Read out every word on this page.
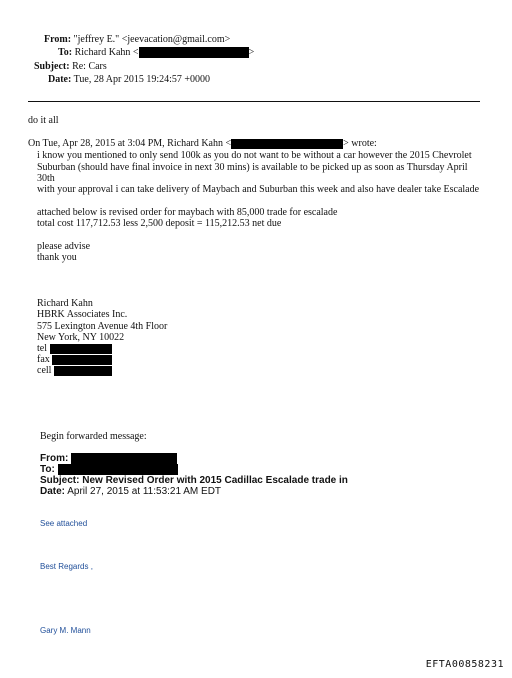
From: "jeffrey E." <jeevacation@gmail.com>
To: Richard Kahn <	>
Subject: Re: Cars
Date: Tue, 28 Apr 2015 19:24:57 +0000
do it all
On Tue, Apr 28, 2015 at 3:04 PM, Richard Kahn <	> wrote:
i know you mentioned to only send 100k as you do not want to be without a car however the 2015 Chevrolet Suburban (should have final invoice in next 30 mins) is available to be picked up as soon as Thursday April 30th
with your approval i can take delivery of Maybach and Suburban this week and also have dealer take Escalade
attached below is revised order for maybach with 85,000 trade for escalade
total cost 117,712.53 less 2,500 deposit = 115,212.53 net due
please advise
thank you
Richard Kahn
HBRK Associates Inc.
575 Lexington Avenue 4th Floor
New York, NY 10022
tel
fax
cell
Begin forwarded message:
From:
To:
Subject: New Revised Order with 2015 Cadillac Escalade trade in
Date: April 27, 2015 at 11:53:21 AM EDT
See attached
Best Regards ,
Gary M. Mann
EFTA00858231
